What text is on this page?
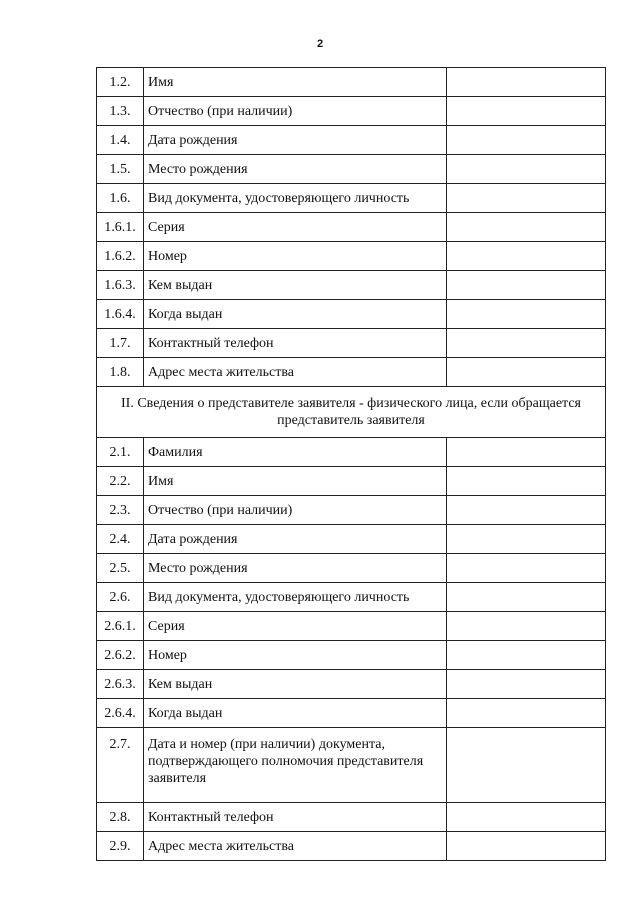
2
1.2.	Имя	
1.3.	Отчество (при наличии)	
1.4.	Дата рождения	
1.5.	Место рождения	
1.6.	Вид документа, удостоверяющего личность	
1.6.1.	Серия	
1.6.2.	Номер	
1.6.3.	Кем выдан	
1.6.4.	Когда выдан	
1.7.	Контактный телефон	
1.8.	Адрес места жительства	
II. Сведения о представителе заявителя - физического лица, если обращается представитель заявителя		
2.1.	Фамилия	
2.2.	Имя	
2.3.	Отчество (при наличии)	
2.4.	Дата рождения	
2.5.	Место рождения	
2.6.	Вид документа, удостоверяющего личность	
2.6.1.	Серия	
2.6.2.	Номер	
2.6.3.	Кем выдан	
2.6.4.	Когда выдан	
2.7.	Дата и номер (при наличии) документа, подтверждающего полномочия представителя заявителя	
2.8.	Контактный телефон	
2.9.	Адрес места жительства	
